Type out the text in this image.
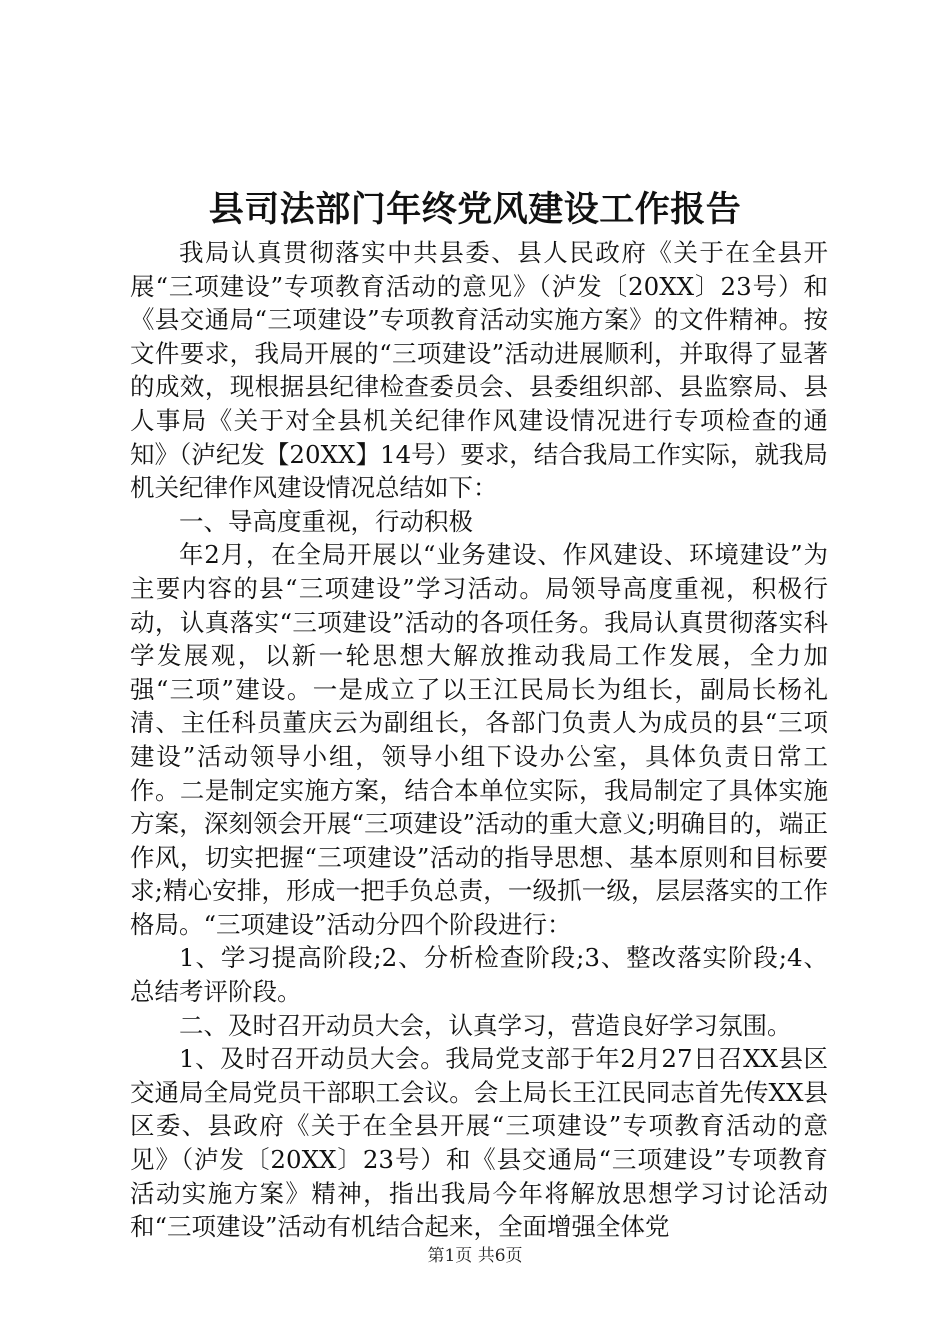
县司法部门年终党风建设工作报告

我局认真贯彻落实中共县委、县人民政府《关于在全县开展“三项建设”专项教育活动的意见》（泸发〔20XX〕23号）和《县交通局“三项建设”专项教育活动实施方案》的文件精神。按文件要求，我局开展的“三项建设”活动进展顺利，并取得了显著的成效，现根据县纪律检查委员会、县委组织部、县监察局、县人事局《关于对全县机关纪律作风建设情况进行专项检查的通知》（泸纪发【20XX】14号）要求，结合我局工作实际，就我局机关纪律作风建设情况总结如下：

一、导高度重视，行动积极

年2月，在全局开展以“业务建设、作风建设、环境建设”为主要内容的县“三项建设”学习活动。局领导高度重视，积极行动，认真落实“三项建设”活动的各项任务。我局认真贯彻落实科学发展观，以新一轮思想大解放推动我局工作发展，全力加强“三项”建设。一是成立了以王江民局长为组长，副局长杨礼清、主任科员董庆云为副组长，各部门负责人为成员的县“三项建设”活动领导小组，领导小组下设办公室，具体负责日常工作。二是制定实施方案，结合本单位实际，我局制定了具体实施方案，深刻领会开展“三项建设”活动的重大意义;明确目的，端正作风，切实把握“三项建设”活动的指导思想、基本原则和目标要求;精心安排，形成一把手负总责，一级抓一级，层层落实的工作格局。“三项建设”活动分四个阶段进行：

1、学习提高阶段;2、分析检查阶段;3、整改落实阶段;4、总结考评阶段。

二、及时召开动员大会，认真学习，营造良好学习氛围。

1、及时召开动员大会。我局党支部于年2月27日召XX县区交通局全局党员干部职工会议。会上局长王江民同志首先传XX县区委、县政府《关于在全县开展“三项建设”专项教育活动的意见》（泸发〔20XX〕23号）和《县交通局“三项建设”专项教育活动实施方案》精神，指出我局今年将解放思想学习讨论活动和“三项建设”活动有机结合起来，全面增强全体党

第1页 共6页
